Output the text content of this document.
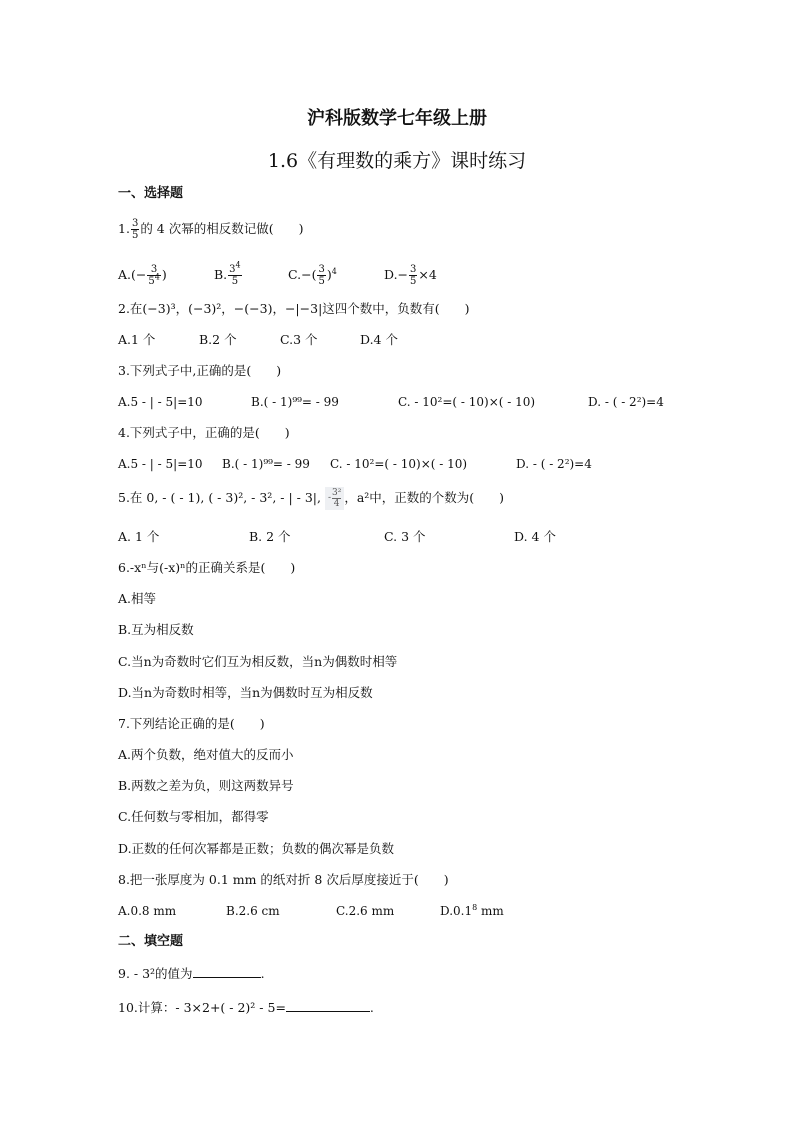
沪科版数学七年级上册
1.6《有理数的乘方》课时练习
一、选择题
1. $\frac{3}{5}$ 的 4 次幂的相反数记做(　　)
$A.(- \frac{3}{5^4}$ )	B. $\frac{3^4}{5}$	$C.-( \frac{3}{5} )^4$	$D.- \frac{3}{5} \times 4$
2.在(−3)³，(−3)²，−(−3)，−|−3|这四个数中，负数有(　　)
A.1 个	B.2 个	C.3 个	D.4 个
3.下列式子中,正确的是(　　)
A.5 - | - 5|=10	B.( - 1)⁹⁹= - 99	C. - 10²=( - 10)×( - 10)	D. - ( - 2²)=4
4.下列式子中，正确的是(　　)
A.5 - | - 5|=10 B.( - 1)⁹⁹= - 99 C. - 10²=( - 10)×( - 10)	D. - ( - 2²)=4
5.在 0, - ( - 1), ( - 3)², - 3², - | - 3|, - $\frac{\text{3²}}{4}$ ，a²中，正数的个数为(　　)
A. 1 个	B. 2 个	C. 3 个	D. 4 个
6.-xⁿ与(-x)ⁿ的正确关系是(　　)
A.相等
B.互为相反数
C.当n为奇数时它们互为相反数，当n为偶数时相等
D.当n为奇数时相等，当n为偶数时互为相反数
7.下列结论正确的是(　　)
A.两个负数，绝对值大的反而小
B.两数之差为负，则这两数异号
C.任何数与零相加，都得零
D.正数的任何次幂都是正数；负数的偶次幂是负数
8.把一张厚度为 0.1 mm 的纸对折 8 次后厚度接近于(　　)
A.0.8 mm	B.2.6 cm	C.2.6 mm	D.0.1$^8$ mm
二、填空题
9. - 3²的值为	.
10.计算：- 3×2+( - 2)² - 5=	.
